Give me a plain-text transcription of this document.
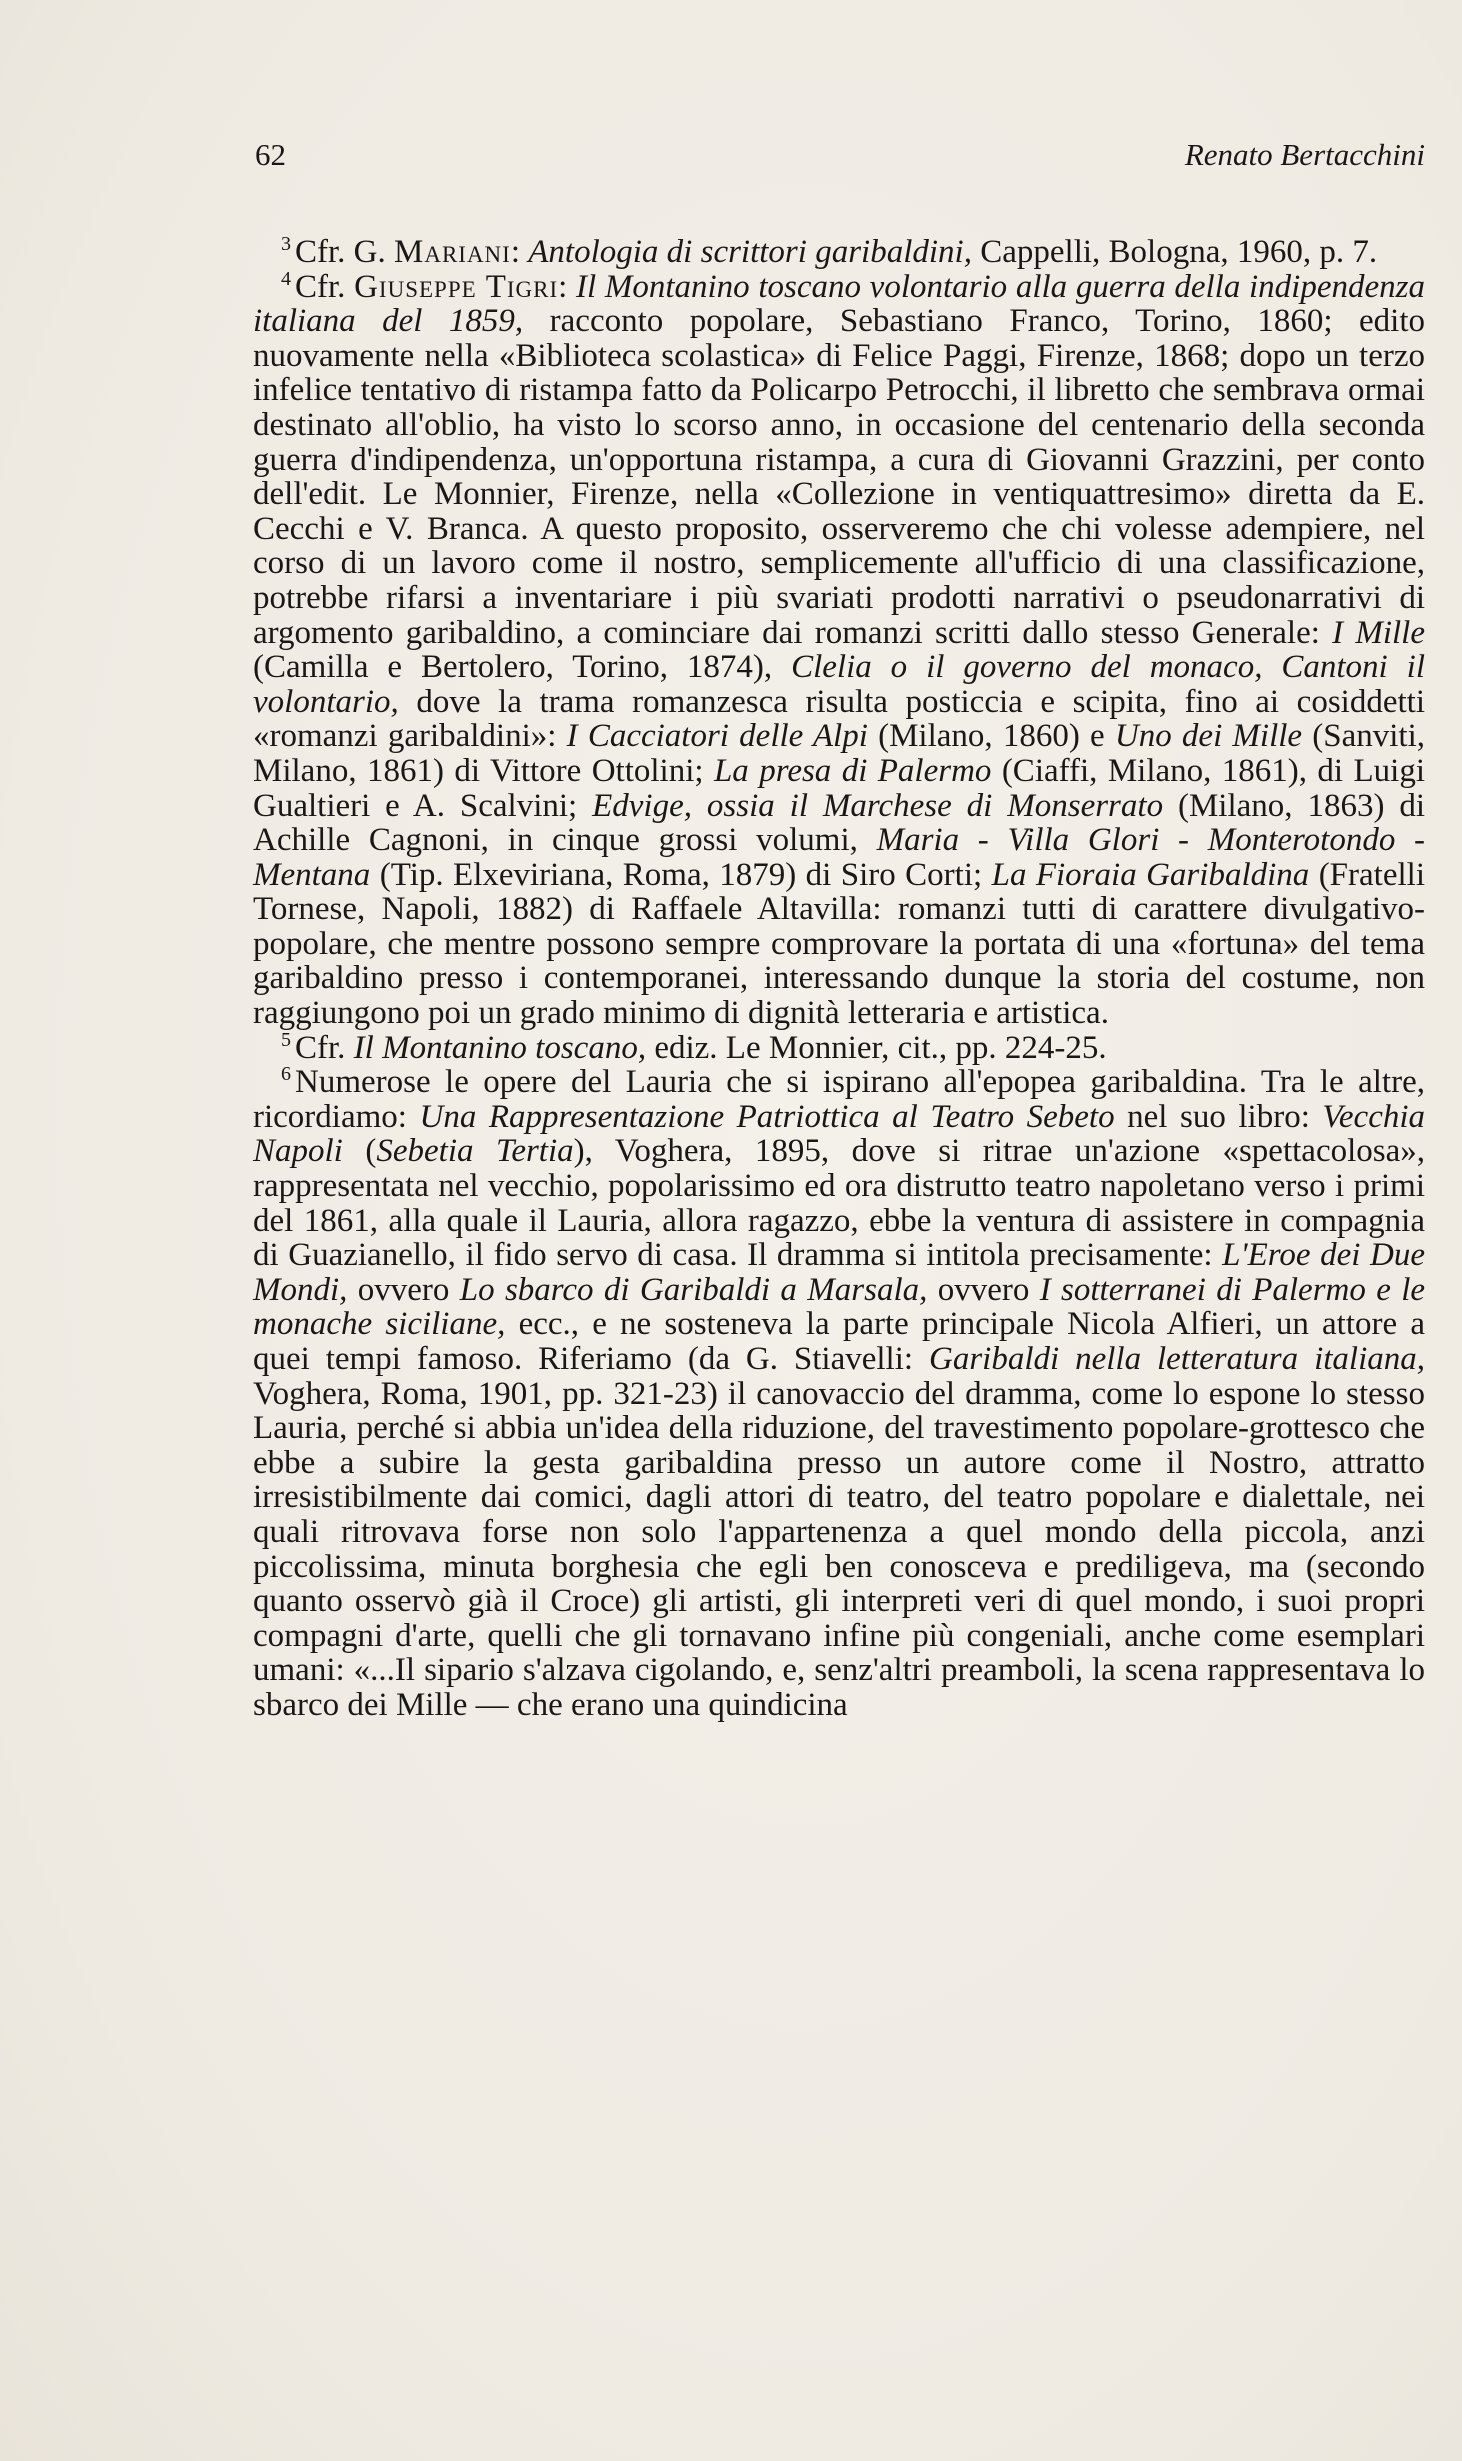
62	Renato Bertacchini

$^3$ Cfr. G. Mariani: Antologia di scrittori garibaldini, Cappelli, Bologna, 1960, p. 7.

$^4$ Cfr. Giuseppe Tigri: Il Montanino toscano volontario alla guerra della indipendenza italiana del 1859, racconto popolare, Sebastiano Franco, Torino, 1860; edito nuovamente nella «Biblioteca scolastica» di Felice Paggi, Firenze, 1868; dopo un terzo infelice tentativo di ristampa fatto da Policarpo Petrocchi, il libretto che sembrava ormai destinato all'oblio, ha visto lo scorso anno, in occasione del centenario della seconda guerra d'indipendenza, un'opportuna ristampa, a cura di Giovanni Grazzini, per conto dell'edit. Le Monnier, Firenze, nella «Collezione in ventiquattresimo» diretta da E. Cecchi e V. Branca. A questo proposito, osserveremo che chi volesse adempiere, nel corso di un lavoro come il nostro, semplicemente all'ufficio di una classificazione, potrebbe rifarsi a inventariare i più svariati prodotti narrativi o pseudonarrativi di argomento garibaldino, a cominciare dai romanzi scritti dallo stesso Generale: I Mille (Camilla e Bertolero, Torino, 1874), Clelia o il governo del monaco, Cantoni il volontario, dove la trama romanzesca risulta posticcia e scipita, fino ai cosiddetti «romanzi garibaldini»: I Cacciatori delle Alpi (Milano, 1860) e Uno dei Mille (Sanviti, Milano, 1861) di Vittore Ottolini; La presa di Palermo (Ciaffi, Milano, 1861), di Luigi Gualtieri e A. Scalvini; Edvige, ossia il Marchese di Monserrato (Milano, 1863) di Achille Cagnoni, in cinque grossi volumi, Maria - Villa Glori - Monterotondo - Mentana (Tip. Elxeviriana, Roma, 1879) di Siro Corti; La Fioraia Garibaldina (Fratelli Tornese, Napoli, 1882) di Raffaele Altavilla: romanzi tutti di carattere divulgativo-popolare, che mentre possono sempre comprovare la portata di una «fortuna» del tema garibaldino presso i contemporanei, interessando dunque la storia del costume, non raggiungono poi un grado minimo di dignità letteraria e artistica.

$^5$ Cfr. Il Montanino toscano, ediz. Le Monnier, cit., pp. 224-25.

$^6$ Numerose le opere del Lauria che si ispirano all'epopea garibaldina. Tra le altre, ricordiamo: Una Rappresentazione Patriottica al Teatro Sebeto nel suo libro: Vecchia Napoli (Sebetia Tertia), Voghera, 1895, dove si ritrae un'azione «spettacolosa», rappresentata nel vecchio, popolarissimo ed ora distrutto teatro napoletano verso i primi del 1861, alla quale il Lauria, allora ragazzo, ebbe la ventura di assistere in compagnia di Guazianello, il fido servo di casa. Il dramma si intitola precisamente: L'Eroe dei Due Mondi, ovvero Lo sbarco di Garibaldi a Marsala, ovvero I sotterranei di Palermo e le monache siciliane, ecc., e ne sosteneva la parte principale Nicola Alfieri, un attore a quei tempi famoso. Riferiamo (da G. Stiavelli: Garibaldi nella letteratura italiana, Voghera, Roma, 1901, pp. 321-23) il canovaccio del dramma, come lo espone lo stesso Lauria, perché si abbia un'idea della riduzione, del travestimento popolare-grottesco che ebbe a subire la gesta garibaldina presso un autore come il Nostro, attratto irresistibilmente dai comici, dagli attori di teatro, del teatro popolare e dialettale, nei quali ritrovava forse non solo l'appartenenza a quel mondo della piccola, anzi piccolissima, minuta borghesia che egli ben conosceva e prediligeva, ma (secondo quanto osservò già il Croce) gli artisti, gli interpreti veri di quel mondo, i suoi propri compagni d'arte, quelli che gli tornavano infine più congeniali, anche come esemplari umani: «...Il sipario s'alzava cigolando, e, senz'altri preamboli, la scena rappresentava lo sbarco dei Mille — che erano una quindicina
